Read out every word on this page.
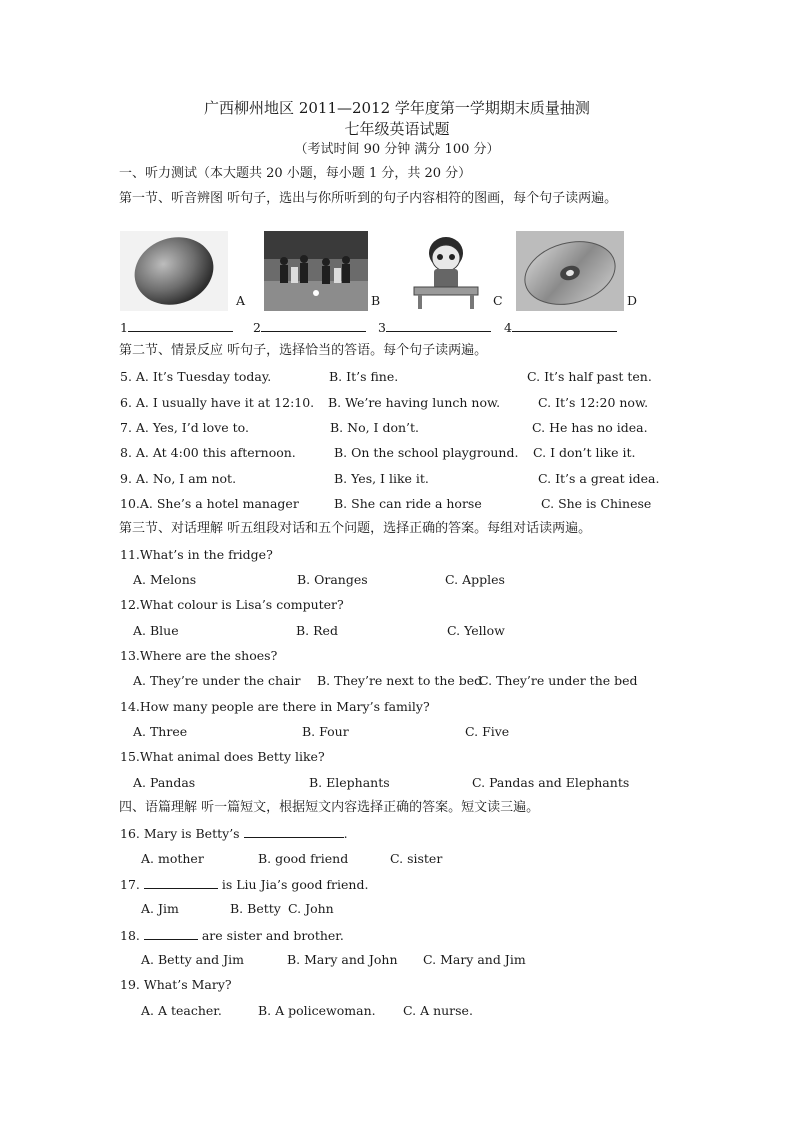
广西柳州地区 2011—2012 学年度第一学期期末质量抽测
七年级英语试题
（考试时间 90 分钟 满分 100 分）
一、听力测试（本大题共 20 小题，每小题 1 分，共 20 分）
第一节、听音辨图 听句子，选出与你所听到的句子内容相符的图画，每个句子读两遍。
A	B	C	D
1	2	3	4
第二节、情景反应 听句子，选择恰当的答语。每个句子读两遍。
5. A. It’s Tuesday today.	B. It’s fine.	C. It’s half past ten.
6. A. I usually have it at 12:10. B. We’re having lunch now.	C. It’s 12:20 now.
7. A. Yes, I’d love to.	B. No, I don’t.	C. He has no idea.
8. A. At 4:00 this afternoon.	B. On the school playground. C. I don’t like it.
9. A. No, I am not.	B. Yes, I like it.	C. It’s a great idea.
10.A. She’s a hotel manager	B. She can ride a horse	C. She is Chinese
第三节、对话理解 听五组段对话和五个问题，选择正确的答案。每组对话读两遍。
11.What’s in the fridge?
A. Melons	B. Oranges	C. Apples
12.What colour is Lisa’s computer?
A. Blue	B. Red	C. Yellow
13.Where are the shoes?
A. They’re under the chair B. They’re next to the bed
C. They’re under the bed
14.How many people are there in Mary’s family?
A. Three	B. Four	C. Five
15.What animal does Betty like?
A. Pandas	B. Elephants	C. Pandas and Elephants
四、语篇理解 听一篇短文，根据短文内容选择正确的答案。短文读三遍。
16. Mary is Betty’s	.
A. mother	B. good friend	C. sister
17.	is Liu Jia’s good friend.
A. Jim	B. Betty C. John
18.	are sister and brother.
A. Betty and Jim	B. Mary and John C. Mary and Jim
19. What’s Mary?
A. A teacher.	B. A policewoman. C. A nurse.
